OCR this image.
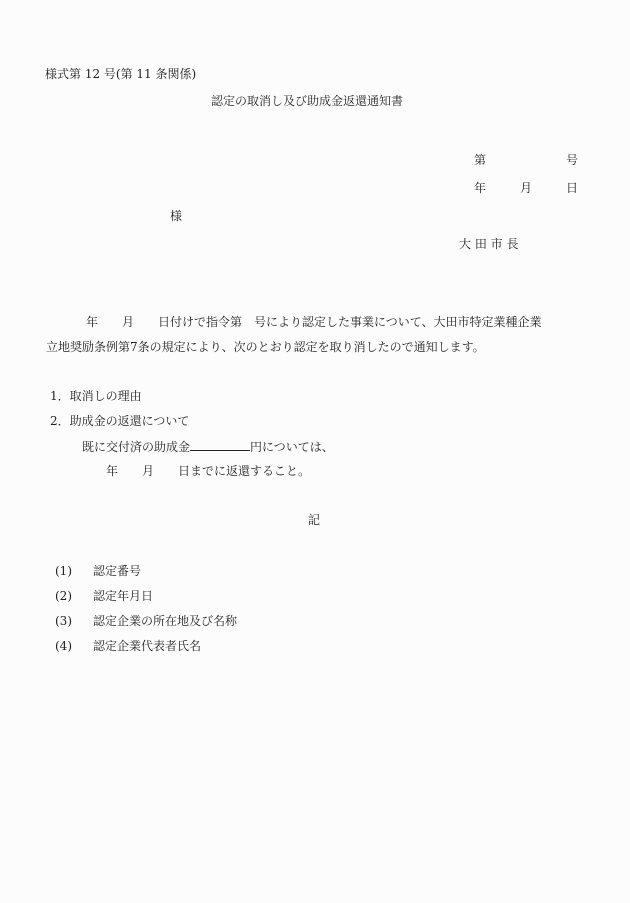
様式第 12 号(第 11 条関係)
認定の取消し及び助成金返還通知書
第	号
年	月	日
様
大 田 市 長
年　　月　　日付けで指令第　号により認定した事業について、大田市特定業種企業
立地奨励条例第7条の規定により、次のとおり認定を取り消したので通知します。
1．取消しの理由
2．助成金の返還について
既に交付済の助成金	円については、
年　　月　　日までに返還すること。
記
(1) 認定番号
(2) 認定年月日
(3) 認定企業の所在地及び名称
(4) 認定企業代表者氏名
